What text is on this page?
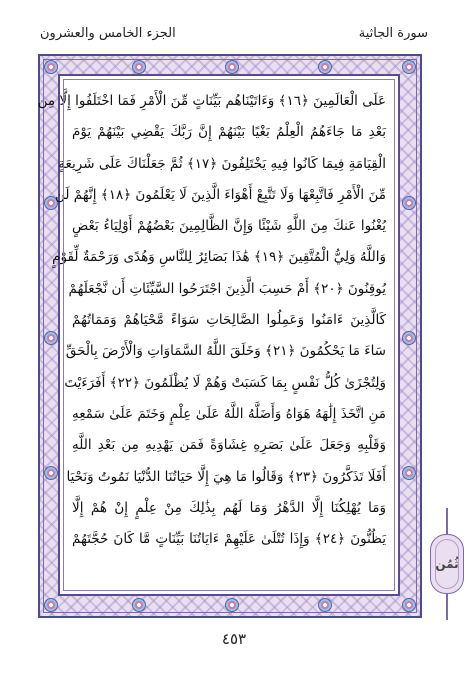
سورة الجاثية
الجزء الخامس والعشرون
عَلَى الْعَالَمِينَ ﴿١٦﴾ وَءَاتَيْنَاهُم بَيِّنَاتٍ مِّنَ الْأَمْرِ فَمَا اخْتَلَفُوا إِلَّا مِن
بَعْدِ مَا جَاءَهُمُ الْعِلْمُ بَغْيًا بَيْنَهُمْ إِنَّ رَبَّكَ يَقْضِي بَيْنَهُمْ يَوْمَ
الْقِيَامَةِ فِيمَا كَانُوا فِيهِ يَخْتَلِفُونَ ﴿١٧﴾ ثُمَّ جَعَلْنَاكَ عَلَى شَرِيعَةٍ
مِّنَ الْأَمْرِ فَاتَّبِعْهَا وَلَا تَتَّبِعْ أَهْوَاءَ الَّذِينَ لَا يَعْلَمُونَ ﴿١٨﴾ إِنَّهُمْ لَن
يُغْنُوا عَنكَ مِنَ اللَّهِ شَيْئًا وَإِنَّ الظَّالِمِينَ بَعْضُهُمْ أَوْلِيَاءُ بَعْضٍ
وَاللَّهُ وَلِيُّ الْمُتَّقِينَ ﴿١٩﴾ هَٰذَا بَصَائِرُ لِلنَّاسِ وَهُدًى وَرَحْمَةٌ لِّقَوْمٍ
يُوقِنُونَ ﴿٢٠﴾ أَمْ حَسِبَ الَّذِينَ اجْتَرَحُوا السَّيِّئَاتِ أَن نَّجْعَلَهُمْ
كَالَّذِينَ ءَامَنُوا وَعَمِلُوا الصَّالِحَاتِ سَوَاءً مَّحْيَاهُمْ وَمَمَاتُهُمْ
سَاءَ مَا يَحْكُمُونَ ﴿٢١﴾ وَخَلَقَ اللَّهُ السَّمَاوَاتِ وَالْأَرْضَ بِالْحَقِّ
وَلِتُجْزَىٰ كُلُّ نَفْسٍ بِمَا كَسَبَتْ وَهُمْ لَا يُظْلَمُونَ ﴿٢٢﴾ أَفَرَءَيْتَ
مَنِ اتَّخَذَ إِلَٰهَهُ هَوَاهُ وَأَضَلَّهُ اللَّهُ عَلَىٰ عِلْمٍ وَخَتَمَ عَلَىٰ سَمْعِهِ
وَقَلْبِهِ وَجَعَلَ عَلَىٰ بَصَرِهِ غِشَاوَةً فَمَن يَهْدِيهِ مِن بَعْدِ اللَّهِ
أَفَلَا تَذَكَّرُونَ ﴿٢٣﴾ وَقَالُوا مَا هِيَ إِلَّا حَيَاتُنَا الدُّنْيَا نَمُوتُ وَنَحْيَا
وَمَا يُهْلِكُنَا إِلَّا الدَّهْرُ وَمَا لَهُم بِذَٰلِكَ مِنْ عِلْمٍ إِنْ هُمْ إِلَّا
يَظُنُّونَ ﴿٢٤﴾ وَإِذَا تُتْلَىٰ عَلَيْهِمْ ءَايَاتُنَا بَيِّنَاتٍ مَّا كَانَ حُجَّتَهُمْ
ثُمُن
٤٥٣
